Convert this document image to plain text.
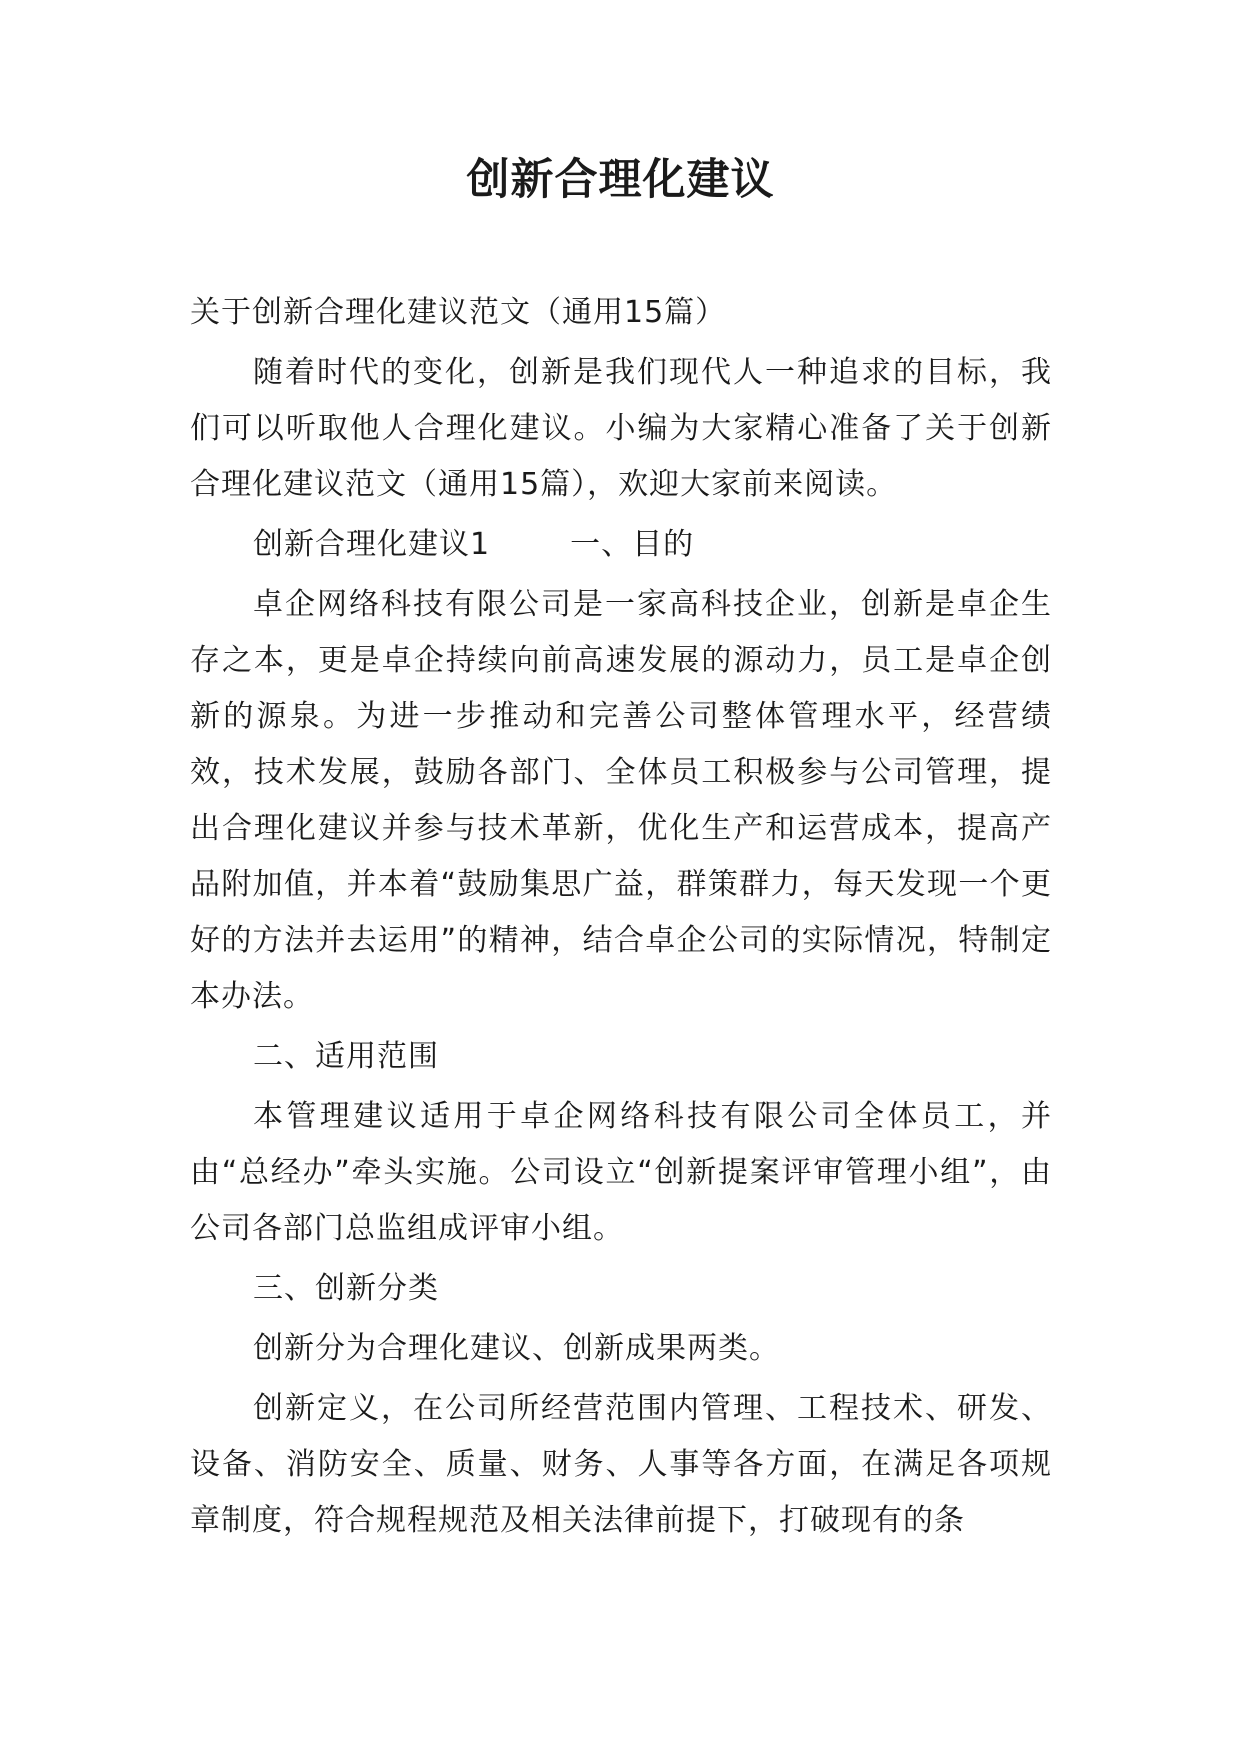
创新合理化建议

关于创新合理化建议范文（通用15篇）

随着时代的变化，创新是我们现代人一种追求的目标，我们可以听取他人合理化建议。小编为大家精心准备了关于创新合理化建议范文（通用15篇），欢迎大家前来阅读。

创新合理化建议1	一、目的

卓企网络科技有限公司是一家高科技企业，创新是卓企生存之本，更是卓企持续向前高速发展的源动力，员工是卓企创新的源泉。为进一步推动和完善公司整体管理水平，经营绩效，技术发展，鼓励各部门、全体员工积极参与公司管理，提出合理化建议并参与技术革新，优化生产和运营成本，提高产品附加值，并本着“鼓励集思广益，群策群力，每天发现一个更好的方法并去运用”的精神，结合卓企公司的实际情况，特制定本办法。

二、适用范围

本管理建议适用于卓企网络科技有限公司全体员工，并由“总经办”牵头实施。公司设立“创新提案评审管理小组”，由公司各部门总监组成评审小组。

三、创新分类

创新分为合理化建议、创新成果两类。

创新定义，在公司所经营范围内管理、工程技术、研发、设备、消防安全、质量、财务、人事等各方面，在满足各项规章制度，符合规程规范及相关法律前提下，打破现有的条
